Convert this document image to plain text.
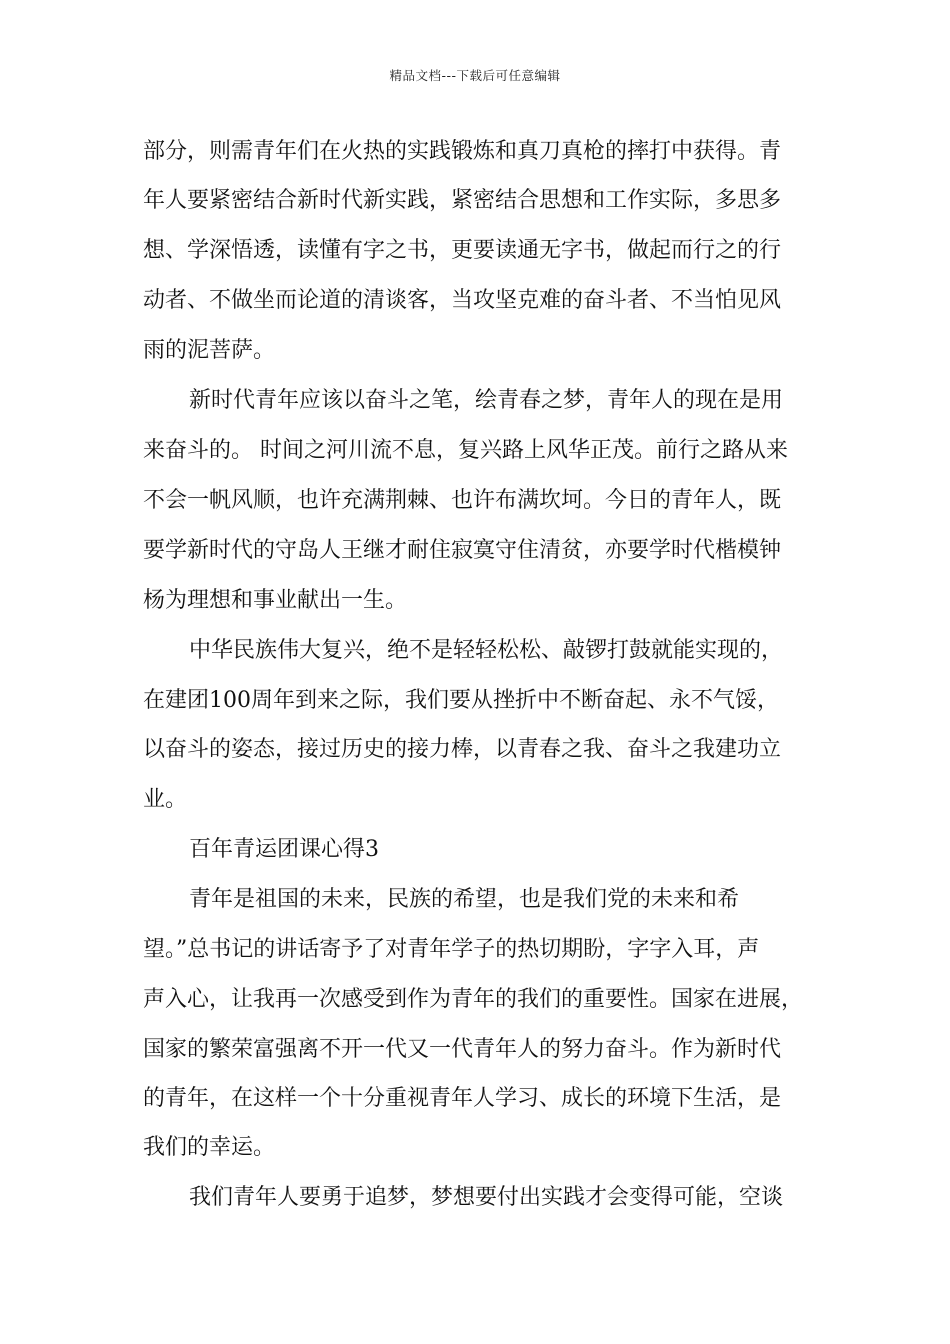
精品文档---下载后可任意编辑
部分，则需青年们在火热的实践锻炼和真刀真枪的摔打中获得。青
年人要紧密结合新时代新实践，紧密结合思想和工作实际，多思多
想、学深悟透，读懂有字之书，更要读通无字书，做起而行之的行
动者、不做坐而论道的清谈客，当攻坚克难的奋斗者、不当怕见风
雨的泥菩萨。
新时代青年应该以奋斗之笔，绘青春之梦，青年人的现在是用
来奋斗的。 时间之河川流不息，复兴路上风华正茂。前行之路从来
不会一帆风顺，也许充满荆棘、也许布满坎坷。今日的青年人，既
要学新时代的守岛人王继才耐住寂寞守住清贫，亦要学时代楷模钟
杨为理想和事业献出一生。
中华民族伟大复兴，绝不是轻轻松松、敲锣打鼓就能实现的，
在建团100周年到来之际，我们要从挫折中不断奋起、永不气馁，
以奋斗的姿态，接过历史的接力棒，以青春之我、奋斗之我建功立
业。
百年青运团课心得3
青年是祖国的未来，民族的希望，也是我们党的未来和希
望。”总书记的讲话寄予了对青年学子的热切期盼，字字入耳，声
声入心，让我再一次感受到作为青年的我们的重要性。国家在进展，
国家的繁荣富强离不开一代又一代青年人的努力奋斗。作为新时代
的青年，在这样一个十分重视青年人学习、成长的环境下生活，是
我们的幸运。
我们青年人要勇于追梦，梦想要付出实践才会变得可能，空谈
